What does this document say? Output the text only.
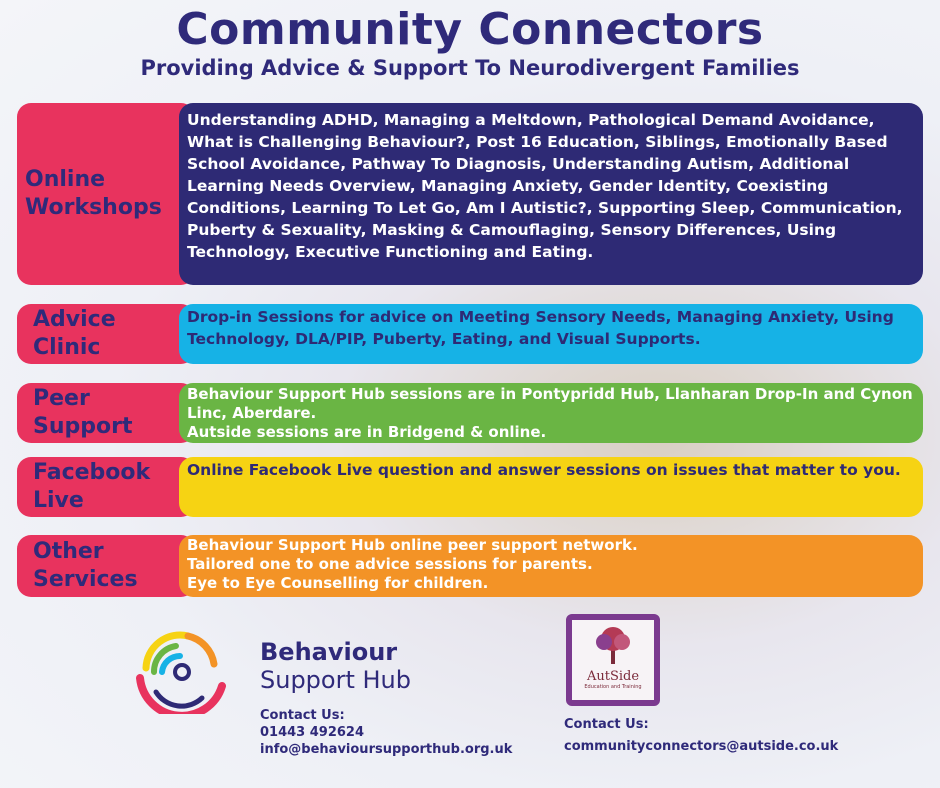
Community Connectors
Providing Advice & Support To Neurodivergent Families
Online
Workshops
Understanding ADHD, Managing a Meltdown, Pathological Demand Avoidance, What is Challenging Behaviour?, Post 16 Education, Siblings, Emotionally Based School Avoidance, Pathway To Diagnosis, Understanding Autism, Additional Learning Needs Overview, Managing Anxiety, Gender Identity, Coexisting Conditions, Learning To Let Go, Am I Autistic?, Supporting Sleep, Communication, Puberty & Sexuality, Masking & Camouflaging, Sensory Differences, Using Technology, Executive Functioning and Eating.
Advice
Clinic
Drop-in Sessions for advice on Meeting Sensory Needs, Managing Anxiety, Using Technology, DLA/PIP, Puberty, Eating, and Visual Supports.
Peer
Support
Behaviour Support Hub sessions are in Pontypridd Hub, Llanharan Drop-In and Cynon Linc, Aberdare.
Autside sessions are in Bridgend & online.
Facebook
Live
Online Facebook Live question and answer sessions on issues that matter to you.
Other
Services
Behaviour Support Hub online peer support network.
Tailored one to one advice sessions for parents.
Eye to Eye Counselling for children.
Behaviour
Support Hub
Contact Us:
01443 492624
info@behavioursupporthub.org.uk
AutSide
Education and Training
Contact Us:
communityconnectors@autside.co.uk
